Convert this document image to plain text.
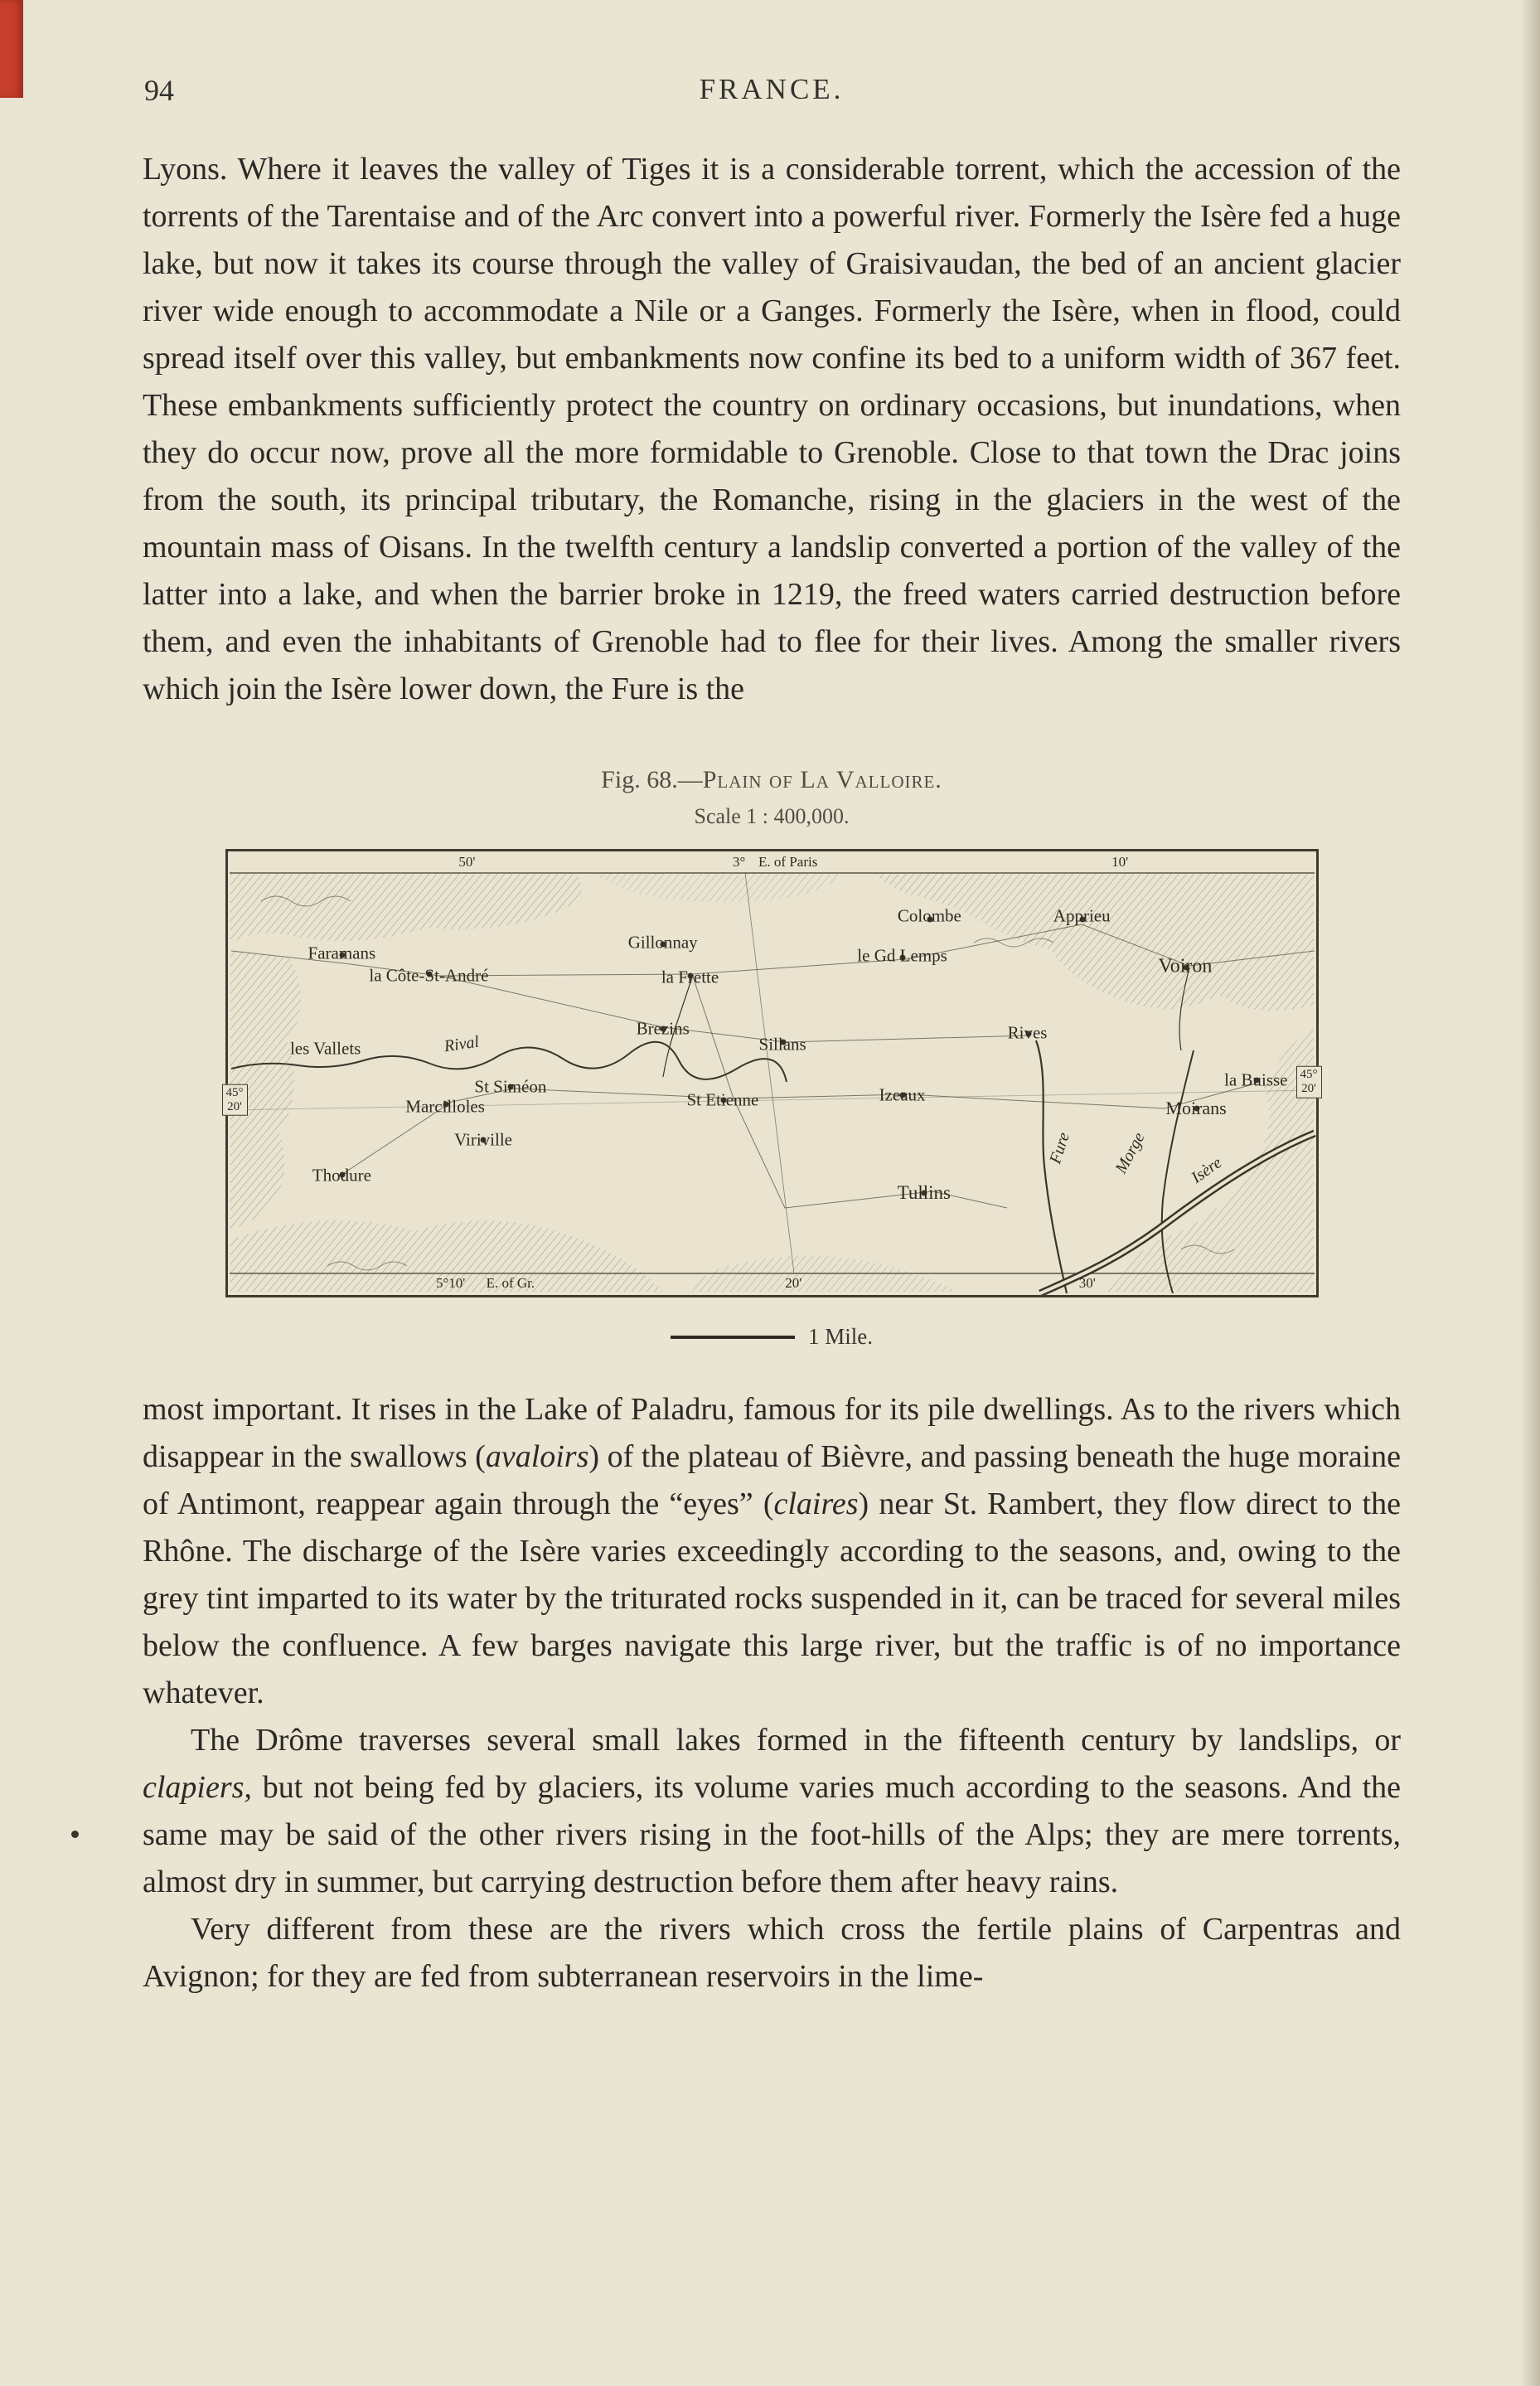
94	FRANCE.

Lyons. Where it leaves the valley of Tiges it is a considerable torrent, which the accession of the torrents of the Tarentaise and of the Arc convert into a powerful river. Formerly the Isère fed a huge lake, but now it takes its course through the valley of Graisivaudan, the bed of an ancient glacier river wide enough to accommodate a Nile or a Ganges. Formerly the Isère, when in flood, could spread itself over this valley, but embankments now confine its bed to a uniform width of 367 feet. These embankments sufficiently protect the country on ordinary occasions, but inundations, when they do occur now, prove all the more formidable to Grenoble. Close to that town the Drac joins from the south, its principal tributary, the Romanche, rising in the glaciers in the west of the mountain mass of Oisans. In the twelfth century a landslip converted a portion of the valley of the latter into a lake, and when the barrier broke in 1219, the freed waters carried destruction before them, and even the inhabitants of Grenoble had to flee for their lives. Among the smaller rivers which join the Isère lower down, the Fure is the

Fig. 68.—Plain of La Valloire.
Scale 1 : 400,000.
50'	3° E. of Paris	10'
5°10' E. of Gr.	20'	30'
Faramans
la Côte-St-André
Gillonnay
la Frette
le Gd Lemps
Colombe	Apprieu
Voiron
Brezins
Sillans
Rives
les Vallets	Rival
la Buisse
St Siméon
Marcilloles	St Etienne	Izeaux
Moirans
Viriville
Thodure
Tullins
Fure Morge Isère
45°
20'
45°
20'
1 Mile.

most important. It rises in the Lake of Paladru, famous for its pile dwellings. As to the rivers which disappear in the swallows (avaloirs) of the plateau of Bièvre, and passing beneath the huge moraine of Antimont, reappear again through the “eyes” (claires) near St. Rambert, they flow direct to the Rhône. The discharge of the Isère varies exceedingly according to the seasons, and, owing to the grey tint imparted to its water by the triturated rocks suspended in it, can be traced for several miles below the confluence. A few barges navigate this large river, but the traffic is of no importance whatever.

The Drôme traverses several small lakes formed in the fifteenth century by landslips, or clapiers, but not being fed by glaciers, its volume varies much according to the seasons. And the same may be said of the other rivers rising in the foot-hills of the Alps; they are mere torrents, almost dry in summer, but carrying destruction before them after heavy rains.

Very different from these are the rivers which cross the fertile plains of Carpentras and Avignon; for they are fed from subterranean reservoirs in the lime-
